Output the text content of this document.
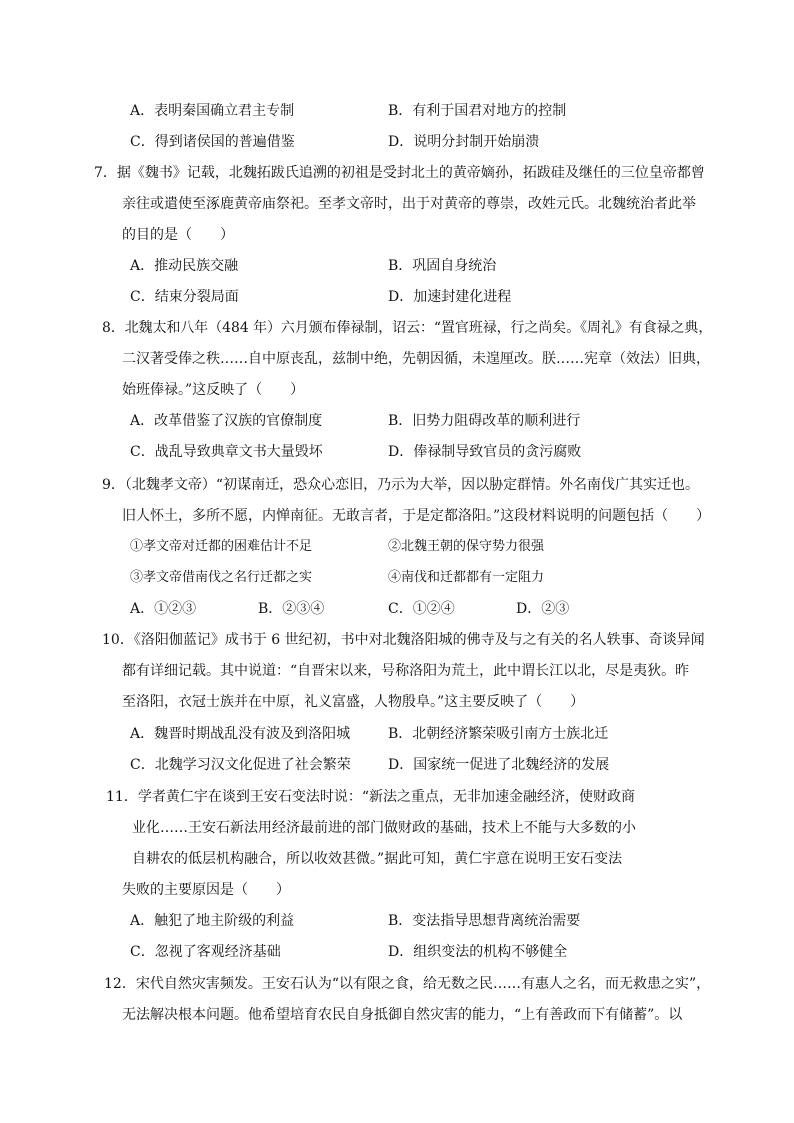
A．表明秦国确立君主专制	B．有利于国君对地方的控制
C．得到诸侯国的普遍借鉴	D．说明分封制开始崩溃
7．据《魏书》记载，北魏拓跋氏追溯的初祖是受封北土的黄帝嫡孙，拓跋硅及继任的三位皇帝都曾
亲往或遣使至涿鹿黄帝庙祭祀。至孝文帝时，出于对黄帝的尊崇，改姓元氏。北魏统治者此举
的目的是（　　）
A．推动民族交融	B．巩固自身统治
C．结束分裂局面	D．加速封建化进程
8．北魏太和八年（484 年）六月颁布俸禄制，诏云：“置官班禄，行之尚矣。《周礼》有食禄之典，
二汉著受俸之秩……自中原丧乱，兹制中绝，先朝因循，未遑厘改。朕……宪章（效法）旧典，
始班俸禄。”这反映了（　　）
A．改革借鉴了汉族的官僚制度	B．旧势力阻碍改革的顺利进行
C．战乱导致典章文书大量毁坏	D．俸禄制导致官员的贪污腐败
9．（北魏孝文帝）“初谋南迁，恐众心恋旧，乃示为大举，因以胁定群情。外名南伐广其实迁也。
旧人怀土，多所不愿，内惮南征。无敢言者，于是定都洛阳。”这段材料说明的问题包括（　　）
①孝文帝对迁都的困难估计不足	②北魏王朝的保守势力很强
③孝文帝借南伐之名行迁都之实	④南伐和迁都都有一定阻力
A．①②③	B．②③④	C．①②④	D．②③
10．《洛阳伽蓝记》成书于 6 世纪初，书中对北魏洛阳城的佛寺及与之有关的名人轶事、奇谈异闻
都有详细记载。其中说道：“自晋宋以来，号称洛阳为荒土，此中谓长江以北，尽是夷狄。昨
至洛阳，衣冠士族并在中原，礼义富盛，人物殷阜。”这主要反映了（　　）
A．魏晋时期战乱没有波及到洛阳城	B．北朝经济繁荣吸引南方士族北迁
C．北魏学习汉文化促进了社会繁荣	D．国家统一促进了北魏经济的发展
11．学者黄仁宇在谈到王安石变法时说：“新法之重点，无非加速金融经济，使财政商
业化……王安石新法用经济最前进的部门做财政的基础，技术上不能与大多数的小
自耕农的低层机构融合，所以收效甚微。”据此可知，黄仁宇意在说明王安石变法
失败的主要原因是（　　）
A．触犯了地主阶级的利益	B．变法指导思想背离统治需要
C．忽视了客观经济基础	D．组织变法的机构不够健全
12．宋代自然灾害频发。王安石认为“以有限之食，给无数之民……有惠人之名，而无救患之实”，
无法解决根本问题。他希望培育农民自身抵御自然灾害的能力，“上有善政而下有储蓄”。以
